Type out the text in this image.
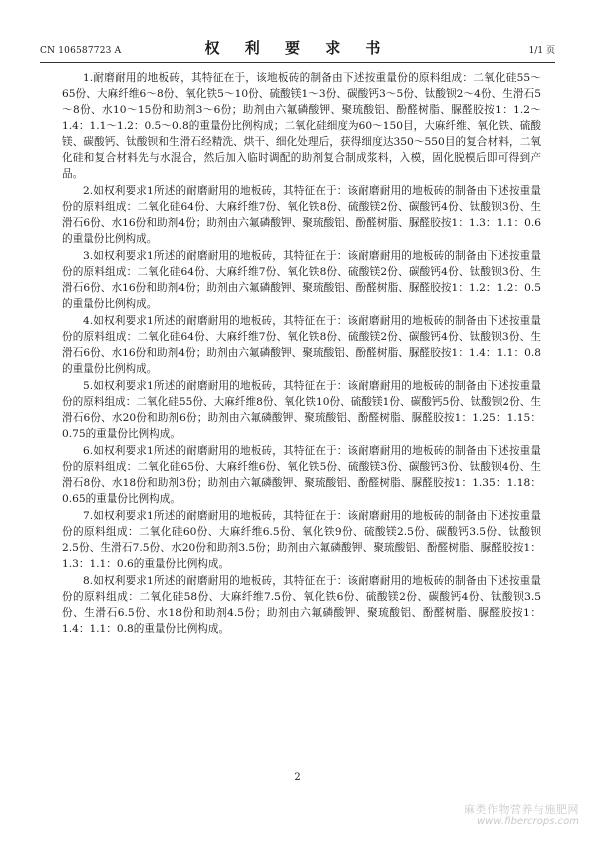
CN 106587723 A	权 利 要 求 书	1/1 页

1.耐磨耐用的地板砖，其特征在于，该地板砖的制备由下述按重量份的原料组成：二氧化硅55～65份、大麻纤维6～8份、氧化铁5～10份、硫酸镁1～3份、碳酸钙3～5份、钛酸钡2～4份、生滑石5～8份、水10～15份和助剂3～6份；助剂由六氟磷酸钾、聚琉酸铝、酚醛树脂、脲醛胶按1：1.2～1.4：1.1～1.2：0.5～0.8的重量份比例构成；二氧化硅细度为60～150目，大麻纤维、氧化铁、硫酸镁、碳酸钙、钛酸钡和生滑石经精洗、烘干、细化处理后，获得细度达350～550目的复合材料，二氧化硅和复合材料先与水混合，然后加入临时调配的助剂复合制成浆料，入模，固化脱模后即可得到产品。

2.如权利要求1所述的耐磨耐用的地板砖，其特征在于：该耐磨耐用的地板砖的制备由下述按重量份的原料组成：二氧化硅64份、大麻纤维7份、氧化铁8份、硫酸镁2份、碳酸钙4份、钛酸钡3份、生滑石6份、水16份和助剂4份；助剂由六氟磷酸钾、聚琉酸铝、酚醛树脂、脲醛胶按1：1.3：1.1：0.6的重量份比例构成。

3.如权利要求1所述的耐磨耐用的地板砖，其特征在于：该耐磨耐用的地板砖的制备由下述按重量份的原料组成：二氧化硅64份、大麻纤维7份、氧化铁8份、硫酸镁2份、碳酸钙4份、钛酸钡3份、生滑石6份、水16份和助剂4份；助剂由六氟磷酸钾、聚琉酸铝、酚醛树脂、脲醛胶按1：1.2：1.2：0.5的重量份比例构成。

4.如权利要求1所述的耐磨耐用的地板砖，其特征在于：该耐磨耐用的地板砖的制备由下述按重量份的原料组成：二氧化硅64份、大麻纤维7份、氧化铁8份、硫酸镁2份、碳酸钙4份、钛酸钡3份、生滑石6份、水16份和助剂4份；助剂由六氟磷酸钾、聚琉酸铝、酚醛树脂、脲醛胶按1：1.4：1.1：0.8的重量份比例构成。

5.如权利要求1所述的耐磨耐用的地板砖，其特征在于：该耐磨耐用的地板砖的制备由下述按重量份的原料组成：二氧化硅55份、大麻纤维8份、氧化铁10份、硫酸镁1份、碳酸钙5份、钛酸钡2份、生滑石6份、水20份和助剂6份；助剂由六氟磷酸钾、聚琉酸铝、酚醛树脂、脲醛胶按1：1.25：1.15：0.75的重量份比例构成。

6.如权利要求1所述的耐磨耐用的地板砖，其特征在于：该耐磨耐用的地板砖的制备由下述按重量份的原料组成：二氧化硅65份、大麻纤维6份、氧化铁5份、硫酸镁3份、碳酸钙3份、钛酸钡4份、生滑石8份、水18份和助剂3份；助剂由六氟磷酸钾、聚琉酸铝、酚醛树脂、脲醛胶按1：1.35：1.18：0.65的重量份比例构成。

7.如权利要求1所述的耐磨耐用的地板砖，其特征在于：该耐磨耐用的地板砖的制备由下述按重量份的原料组成：二氧化硅60份、大麻纤维6.5份、氧化铁9份、硫酸镁2.5份、碳酸钙3.5份、钛酸钡2.5份、生滑石7.5份、水20份和助剂3.5份；助剂由六氟磷酸钾、聚琉酸铝、酚醛树脂、脲醛胶按1：1.3：1.1：0.6的重量份比例构成。

8.如权利要求1所述的耐磨耐用的地板砖，其特征在于：该耐磨耐用的地板砖的制备由下述按重量份的原料组成：二氧化硅58份、大麻纤维7.5份、氧化铁6份、硫酸镁2份、碳酸钙4份、钛酸钡3.5份、生滑石6.5份、水18份和助剂4.5份；助剂由六氟磷酸钾、聚琉酸铝、酚醛树脂、脲醛胶按1：1.4：1.1：0.8的重量份比例构成。

2
麻类作物营养与施肥网
www.fibercrops.com
